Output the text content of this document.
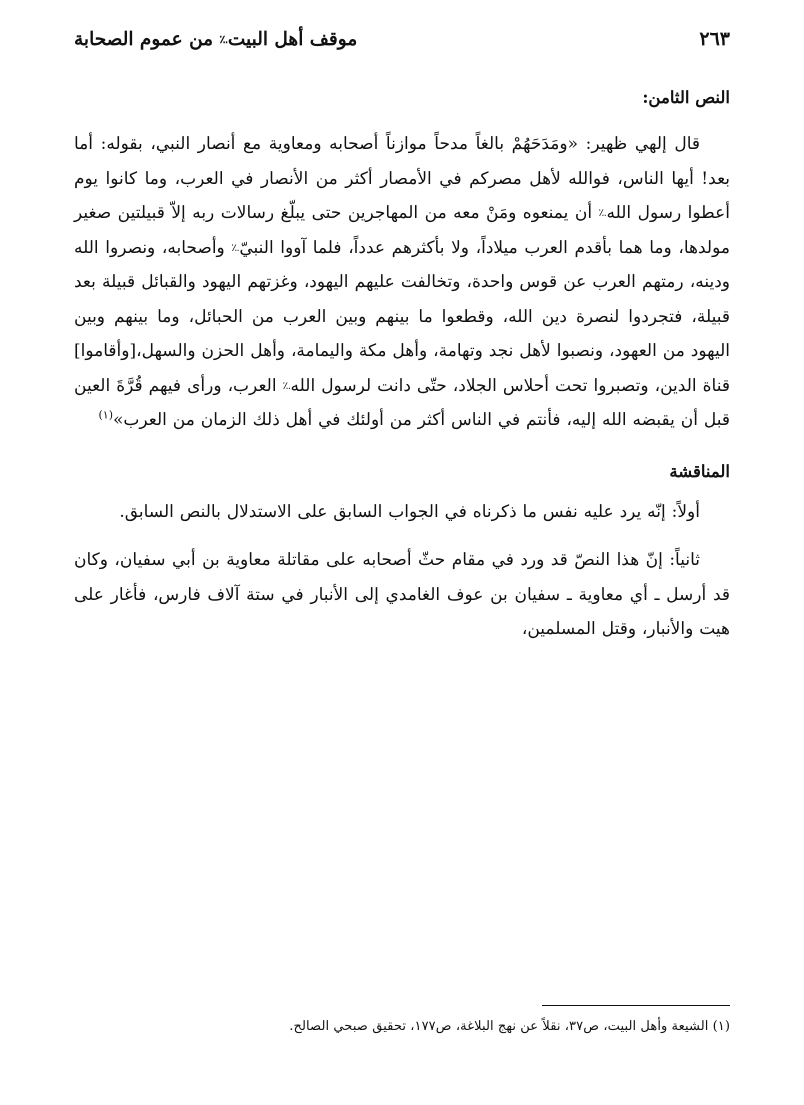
موقف أهل البيت؉ من عموم الصحابة	٢٦٣
النص الثامن:

قال إلهي ظهير: «ومَدَحَهُمْ بالغاً مدحاً موازناً أصحابه ومعاوية مع أنصار النبي، بقوله: أما بعد! أيها الناس، فوالله لأهل مصركم في الأمصار أكثر من الأنصار في العرب، وما كانوا يوم أعطوا رسول الله؉ أن يمنعوه ومَنْ معه من المهاجرين حتى يبلّغ رسالات ربه إلاّ قبيلتين صغير مولدها، وما هما بأقدم العرب ميلاداً، ولا بأكثرهم عدداً، فلما آووا النبيّ؉ وأصحابه، ونصروا الله ودينه، رمتهم العرب عن قوس واحدة، وتخالفت عليهم اليهود، وغزتهم اليهود والقبائل قبيلة بعد قبيلة، فتجردوا لنصرة دين الله، وقطعوا ما بينهم وبين العرب من الحبائل، وما بينهم وبين اليهود من العهود، ونصبوا لأهل نجد وتهامة، وأهل مكة واليمامة، وأهل الحزن والسهل،[وأقاموا] قناة الدين، وتصبروا تحت أحلاس الجلاد، حتّى دانت لرسول الله؉ العرب، ورأى فيهم قُرَّةَ العين قبل أن يقبضه الله إليه، فأنتم في الناس أكثر من أولئك في أهل ذلك الزمان من العرب»$^{(١)}$

المناقشة

أولاً: إنّه يرد عليه نفس ما ذكرناه في الجواب السابق على الاستدلال بالنص السابق.

ثانياً: إنّ هذا النصّ قد ورد في مقام حثّ أصحابه على مقاتلة معاوية بن أبي سفيان، وكان قد أرسل ـ أي معاوية ـ سفيان بن عوف الغامدي إلى الأنبار في ستة آلاف فارس، فأغار على هيت والأنبار، وقتل المسلمين،

(١) الشيعة وأهل البيت، ص٣٧، نقلاً عن نهج البلاغة، ص١٧٧، تحقيق صبحي الصالح.
